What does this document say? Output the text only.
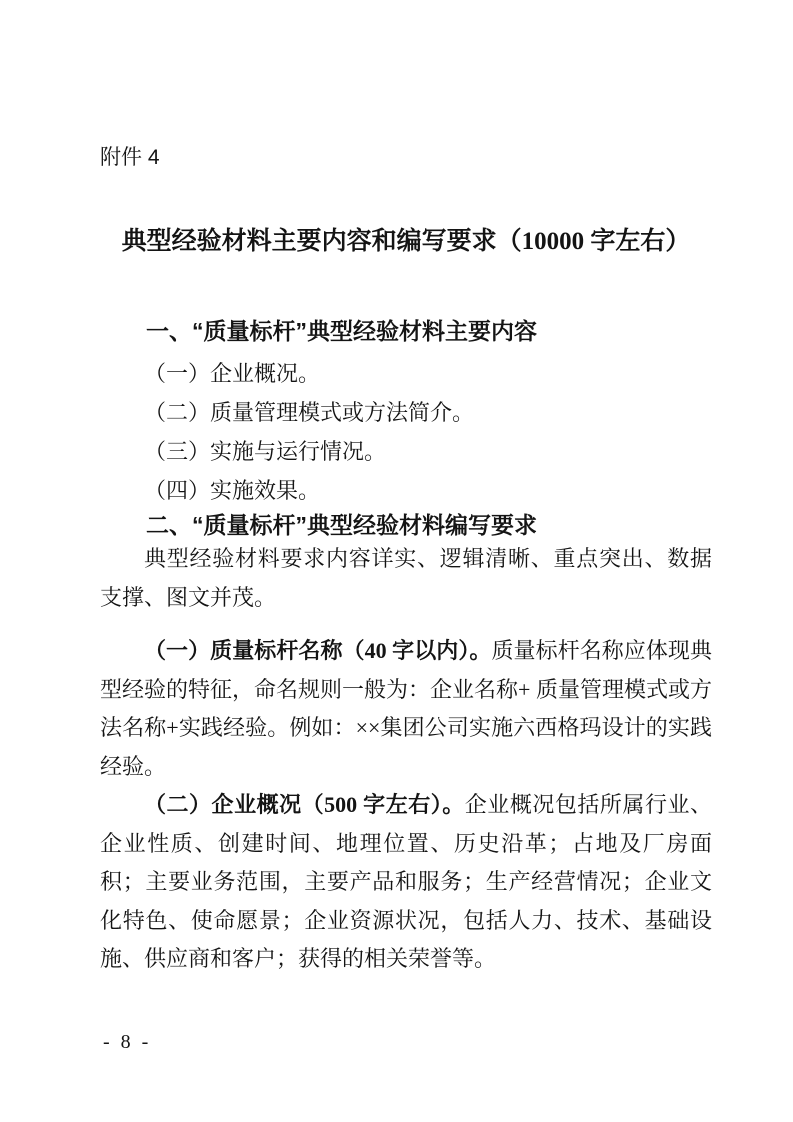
附件 4
典型经验材料主要内容和编写要求（10000 字左右）
一、“质量标杆”典型经验材料主要内容
（一）企业概况。
（二）质量管理模式或方法简介。
（三）实施与运行情况。
（四）实施效果。
二、“质量标杆”典型经验材料编写要求

典型经验材料要求内容详实、逻辑清晰、重点突出、数据支撑、图文并茂。

（一）质量标杆名称（40 字以内）。质量标杆名称应体现典型经验的特征，命名规则一般为：企业名称+ 质量管理模式或方法名称+实践经验。例如：××集团公司实施六西格玛设计的实践经验。

（二）企业概况（500 字左右）。企业概况包括所属行业、企业性质、创建时间、地理位置、历史沿革；占地及厂房面积；主要业务范围，主要产品和服务；生产经营情况；企业文化特色、使命愿景；企业资源状况，包括人力、技术、基础设施、供应商和客户；获得的相关荣誉等。

- 8 -
